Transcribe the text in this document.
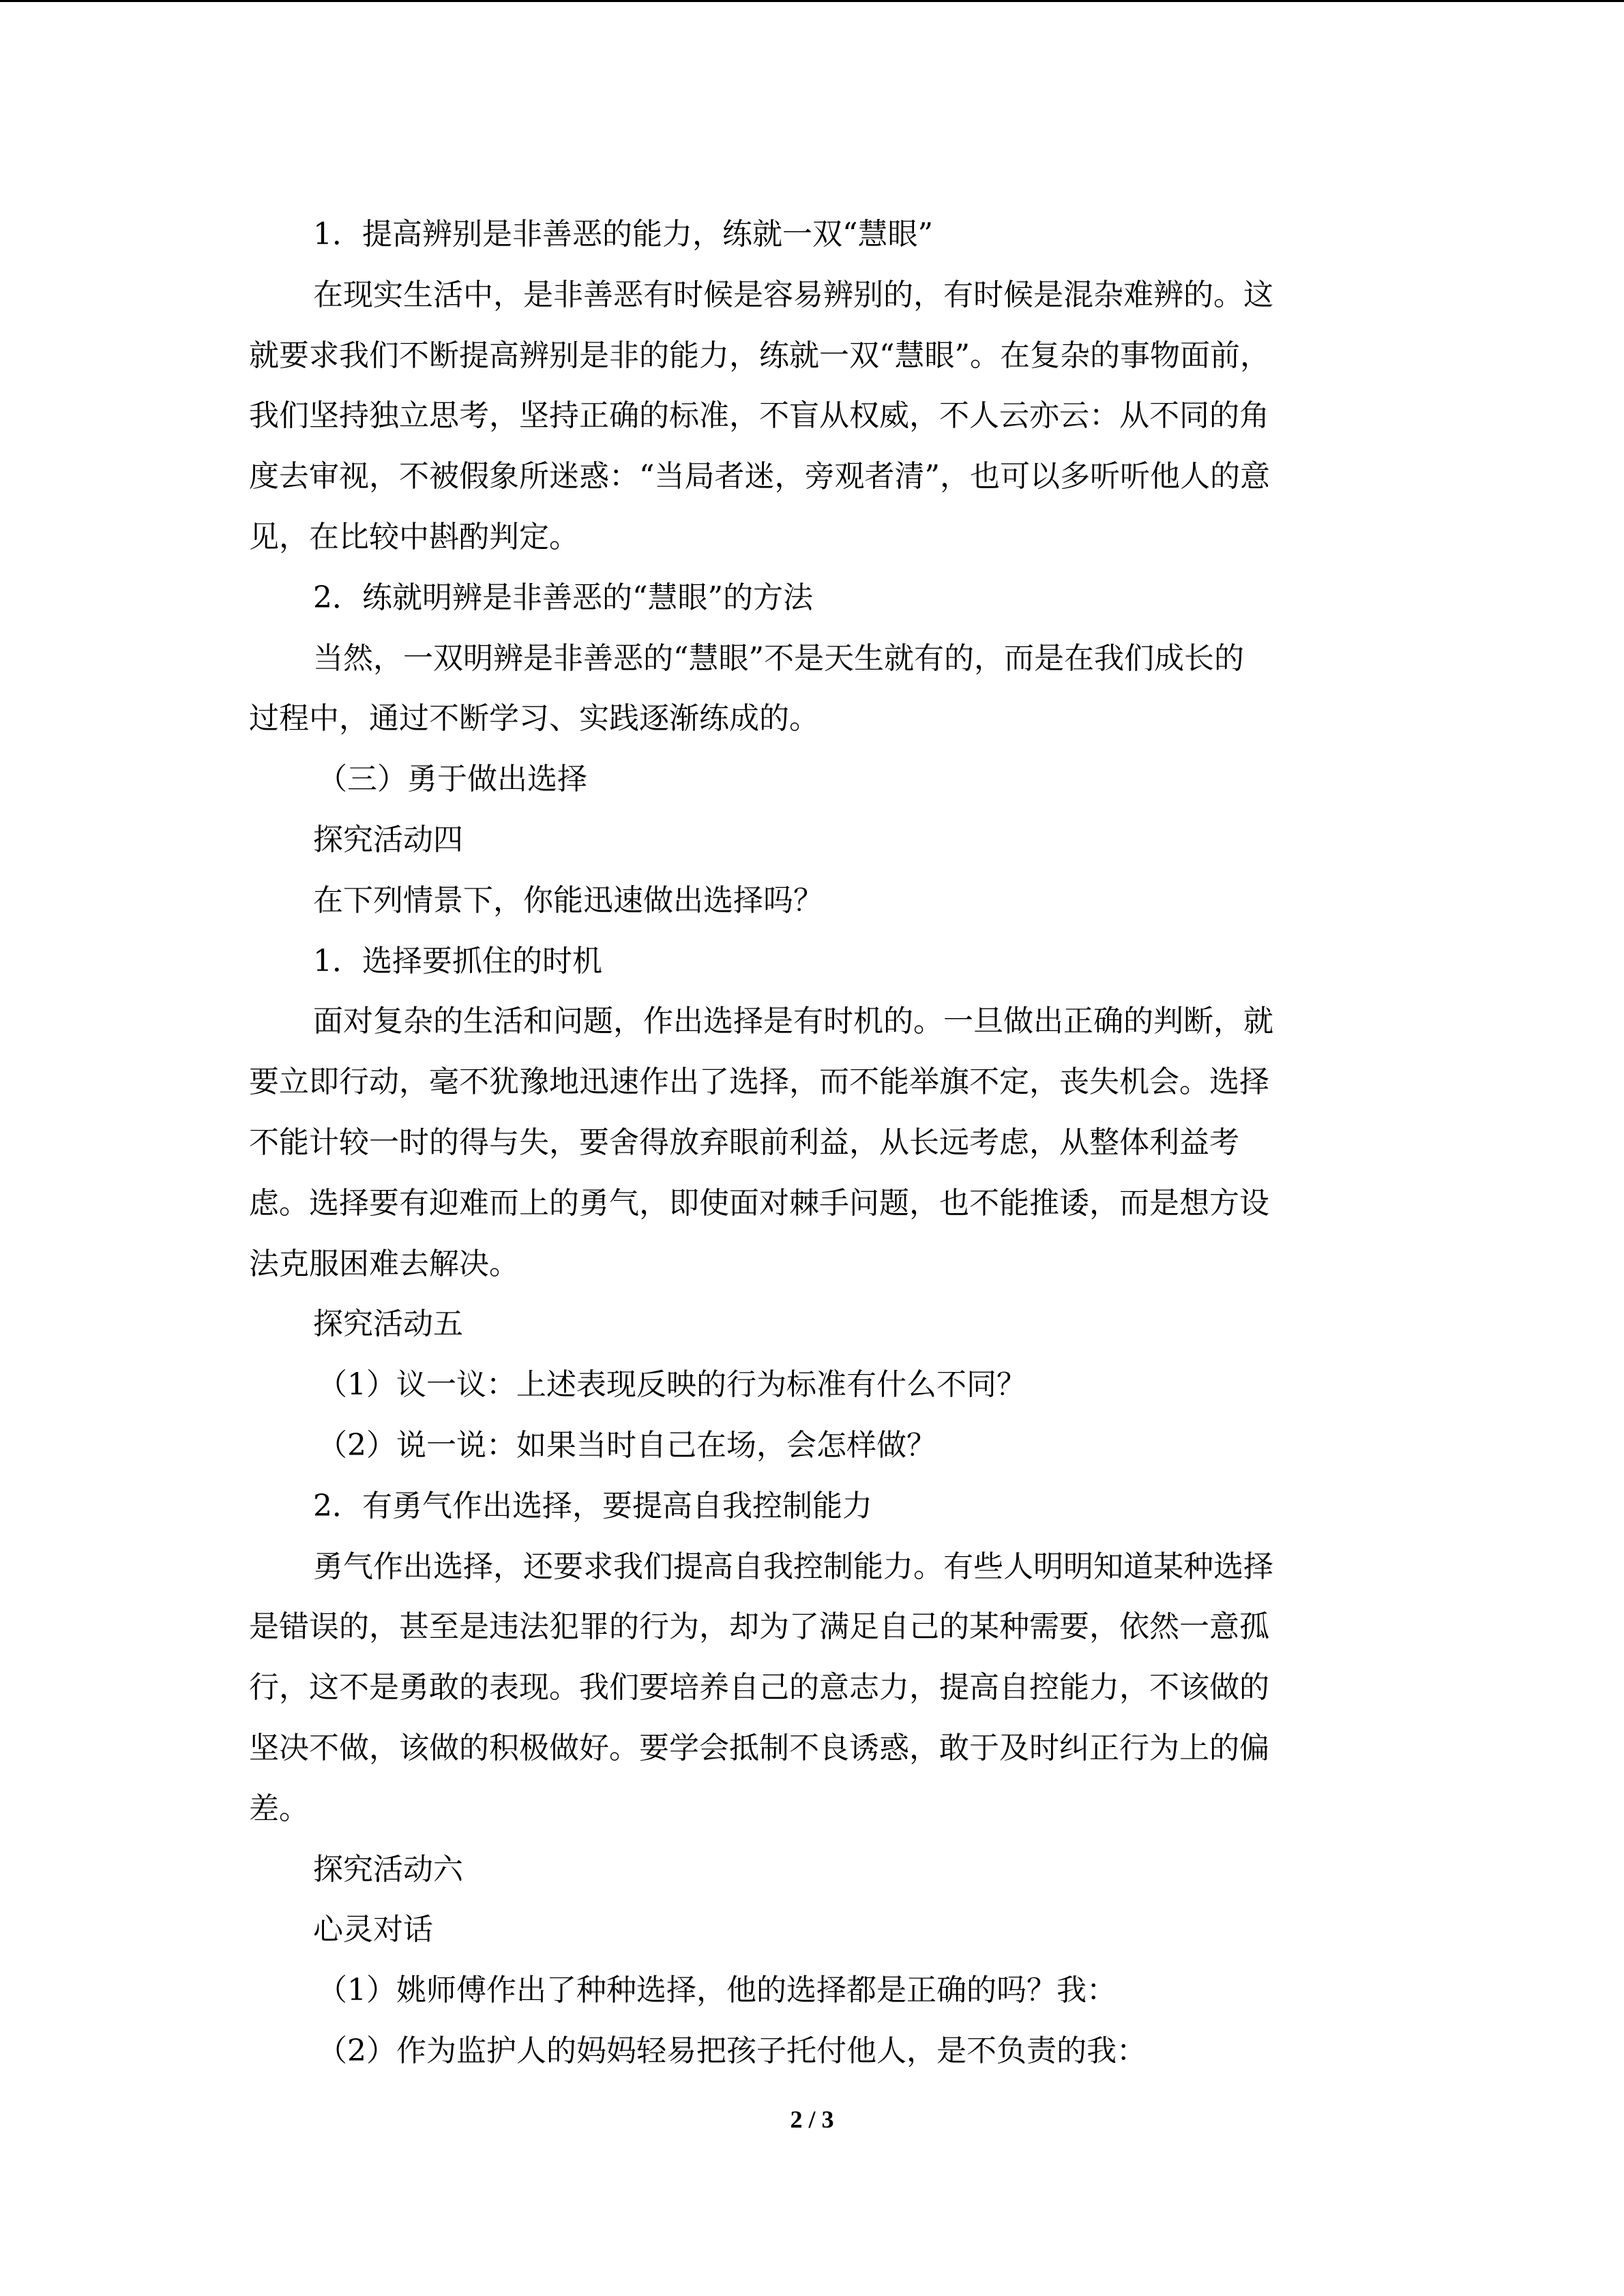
1．提高辨别是非善恶的能力，练就一双“慧眼”
在现实生活中，是非善恶有时候是容易辨别的，有时候是混杂难辨的。这
就要求我们不断提高辨别是非的能力，练就一双“慧眼”。在复杂的事物面前，
我们坚持独立思考，坚持正确的标准，不盲从权威，不人云亦云：从不同的角
度去审视，不被假象所迷惑：“当局者迷，旁观者清”，也可以多听听他人的意
见，在比较中斟酌判定。
2．练就明辨是非善恶的“慧眼”的方法
当然，一双明辨是非善恶的“慧眼”不是天生就有的，而是在我们成长的
过程中，通过不断学习、实践逐渐练成的。
（三）勇于做出选择
探究活动四
在下列情景下，你能迅速做出选择吗？
1．选择要抓住的时机
面对复杂的生活和问题，作出选择是有时机的。一旦做出正确的判断，就
要立即行动，毫不犹豫地迅速作出了选择，而不能举旗不定，丧失机会。选择
不能计较一时的得与失，要舍得放弃眼前利益，从长远考虑，从整体利益考
虑。选择要有迎难而上的勇气，即使面对棘手问题，也不能推诿，而是想方设
法克服困难去解决。
探究活动五
（1）议一议：上述表现反映的行为标准有什么不同？
（2）说一说：如果当时自己在场，会怎样做？
2．有勇气作出选择，要提高自我控制能力
勇气作出选择，还要求我们提高自我控制能力。有些人明明知道某种选择
是错误的，甚至是违法犯罪的行为，却为了满足自己的某种需要，依然一意孤
行，这不是勇敢的表现。我们要培养自己的意志力，提高自控能力，不该做的
坚决不做，该做的积极做好。要学会抵制不良诱惑，敢于及时纠正行为上的偏
差。
探究活动六
心灵对话
（1）姚师傅作出了种种选择，他的选择都是正确的吗？我：
（2）作为监护人的妈妈轻易把孩子托付他人，是不负责的我：
2 / 3
